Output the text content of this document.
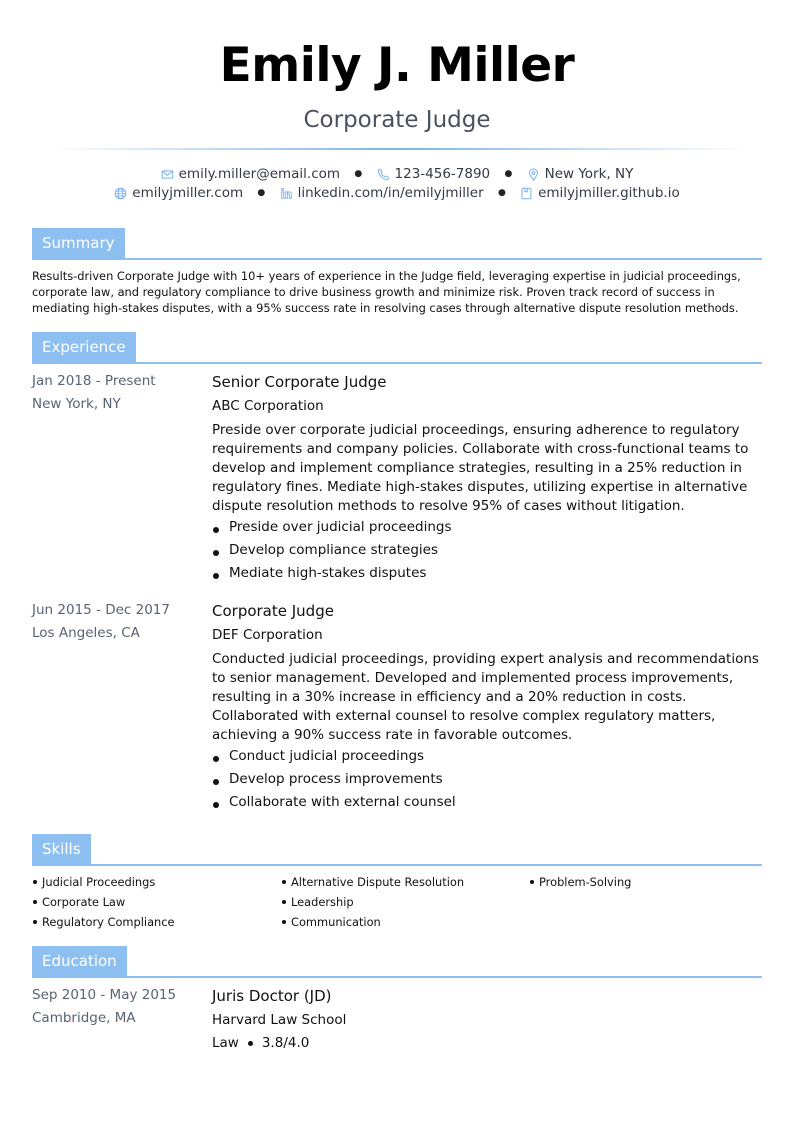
Emily J. Miller
Corporate Judge
emily.miller@email.com ● 123-456-7890 ● New York, NY
emilyjmiller.com ● linkedin.com/in/emilyjmiller ● emilyjmiller.github.io
Summary
Results-driven Corporate Judge with 10+ years of experience in the Judge field, leveraging expertise in judicial proceedings, corporate law, and regulatory compliance to drive business growth and minimize risk. Proven track record of success in mediating high-stakes disputes, with a 95% success rate in resolving cases through alternative dispute resolution methods.
Experience
Jan 2018 - Present
New York, NY
Senior Corporate Judge
ABC Corporation
Preside over corporate judicial proceedings, ensuring adherence to regulatory requirements and company policies. Collaborate with cross-functional teams to develop and implement compliance strategies, resulting in a 25% reduction in regulatory fines. Mediate high-stakes disputes, utilizing expertise in alternative dispute resolution methods to resolve 95% of cases without litigation.
Preside over judicial proceedings
Develop compliance strategies
Mediate high-stakes disputes
Jun 2015 - Dec 2017
Los Angeles, CA
Corporate Judge
DEF Corporation
Conducted judicial proceedings, providing expert analysis and recommendations to senior management. Developed and implemented process improvements, resulting in a 30% increase in efficiency and a 20% reduction in costs. Collaborated with external counsel to resolve complex regulatory matters, achieving a 90% success rate in favorable outcomes.
Conduct judicial proceedings
Develop process improvements
Collaborate with external counsel
Skills
Judicial Proceedings
Corporate Law
Regulatory Compliance
Alternative Dispute Resolution
Leadership
Communication
Problem-Solving
Education
Sep 2010 - May 2015
Cambridge, MA
Juris Doctor (JD)
Harvard Law School
Law 3.8/4.0
